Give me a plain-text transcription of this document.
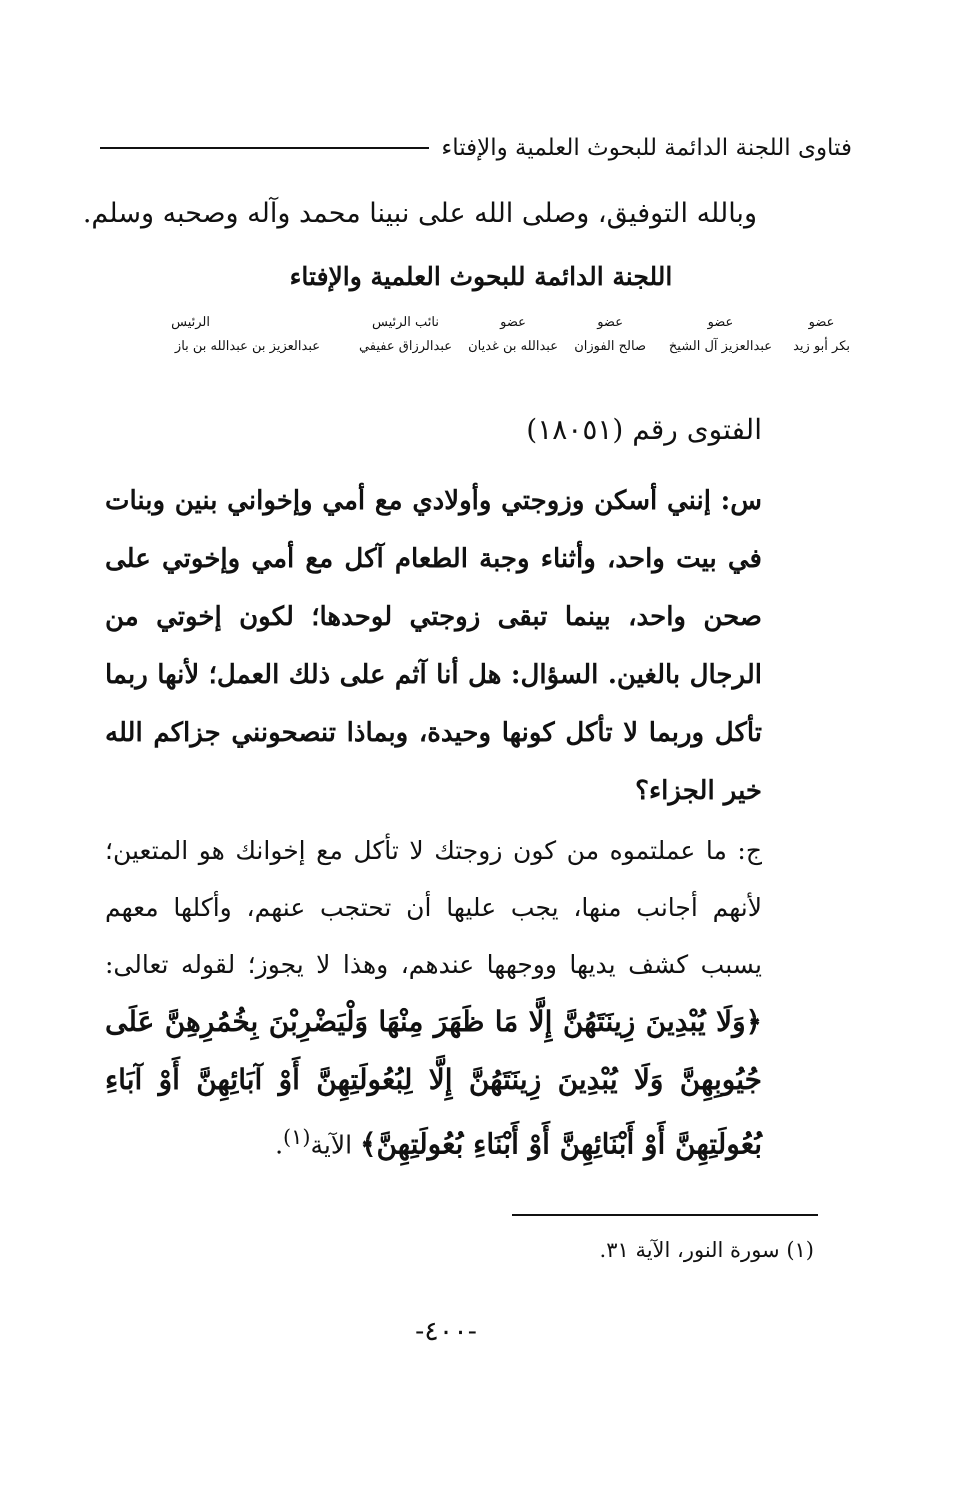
فتاوى اللجنة الدائمة للبحوث العلمية والإفتاء
وبالله التوفيق، وصلى الله على نبينا محمد وآله وصحبه وسلم.
اللجنة الدائمة للبحوث العلمية والإفتاء
عضو
بكر أبو زيد
عضو
عبدالعزيز آل الشيخ
عضو
صالح الفوزان
عضو
عبدالله بن غديان
نائب الرئيس
عبدالرزاق عفيفي
عبدالعزيز بن عبدالله بن باز
الرئيس
الفتوى رقم (١٨٠٥١)

س: إنني أسكن وزوجتي وأولادي مع أمي وإخواني بنين وبنات في بيت واحد، وأثناء وجبة الطعام آكل مع أمي وإخوتي على صحن واحد، بينما تبقى زوجتي لوحدها؛ لكون إخوتي من الرجال بالغين. السؤال: هل أنا آثم على ذلك العمل؛ لأنها ربما تأكل وربما لا تأكل كونها وحيدة، وبماذا تنصحونني جزاكم الله خير الجزاء؟

ج: ما عملتموه من كون زوجتك لا تأكل مع إخوانك هو المتعين؛ لأنهم أجانب منها، يجب عليها أن تحتجب عنهم، وأكلها معهم يسبب كشف يديها ووجهها عندهم، وهذا لا يجوز؛ لقوله تعالى: ﴿وَلَا يُبْدِينَ زِينَتَهُنَّ إِلَّا مَا ظَهَرَ مِنْهَا وَلْيَضْرِبْنَ بِخُمُرِهِنَّ عَلَى جُيُوبِهِنَّ وَلَا يُبْدِينَ زِينَتَهُنَّ إِلَّا لِبُعُولَتِهِنَّ أَوْ آبَائِهِنَّ أَوْ آبَاءِ بُعُولَتِهِنَّ أَوْ أَبْنَائِهِنَّ أَوْ أَبْنَاءِ بُعُولَتِهِنَّ﴾ الآية$^{(١)}$.

(١) سورة النور، الآية ٣١.
-٤٠٠-
